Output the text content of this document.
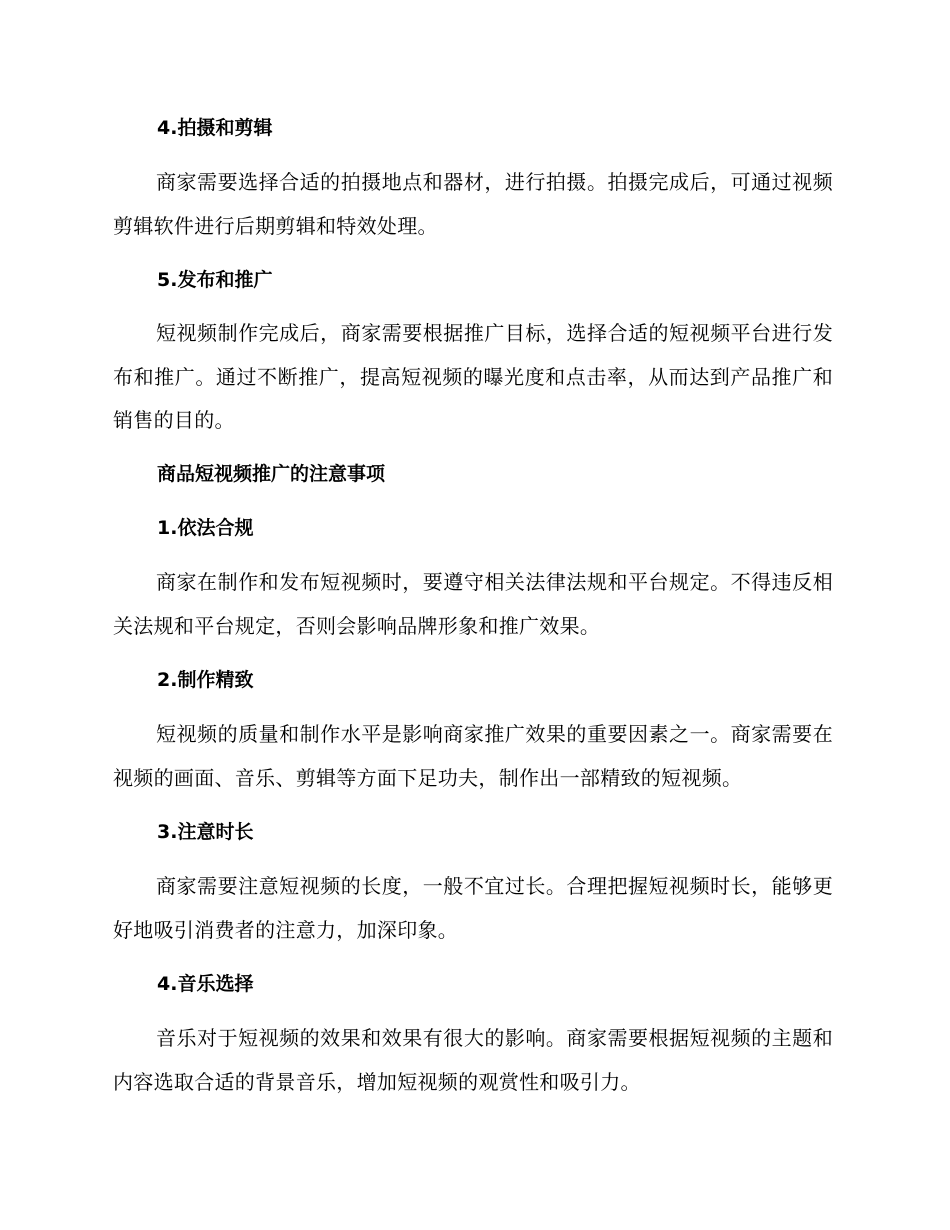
4.拍摄和剪辑
商家需要选择合适的拍摄地点和器材，进行拍摄。拍摄完成后，可通过视频剪辑软件进行后期剪辑和特效处理。
5.发布和推广
短视频制作完成后，商家需要根据推广目标，选择合适的短视频平台进行发布和推广。通过不断推广，提高短视频的曝光度和点击率，从而达到产品推广和销售的目的。
商品短视频推广的注意事项
1.依法合规
商家在制作和发布短视频时，要遵守相关法律法规和平台规定。不得违反相关法规和平台规定，否则会影响品牌形象和推广效果。
2.制作精致
短视频的质量和制作水平是影响商家推广效果的重要因素之一。商家需要在视频的画面、音乐、剪辑等方面下足功夫，制作出一部精致的短视频。
3.注意时长
商家需要注意短视频的长度，一般不宜过长。合理把握短视频时长，能够更好地吸引消费者的注意力，加深印象。
4.音乐选择
音乐对于短视频的效果和效果有很大的影响。商家需要根据短视频的主题和内容选取合适的背景音乐，增加短视频的观赏性和吸引力。
